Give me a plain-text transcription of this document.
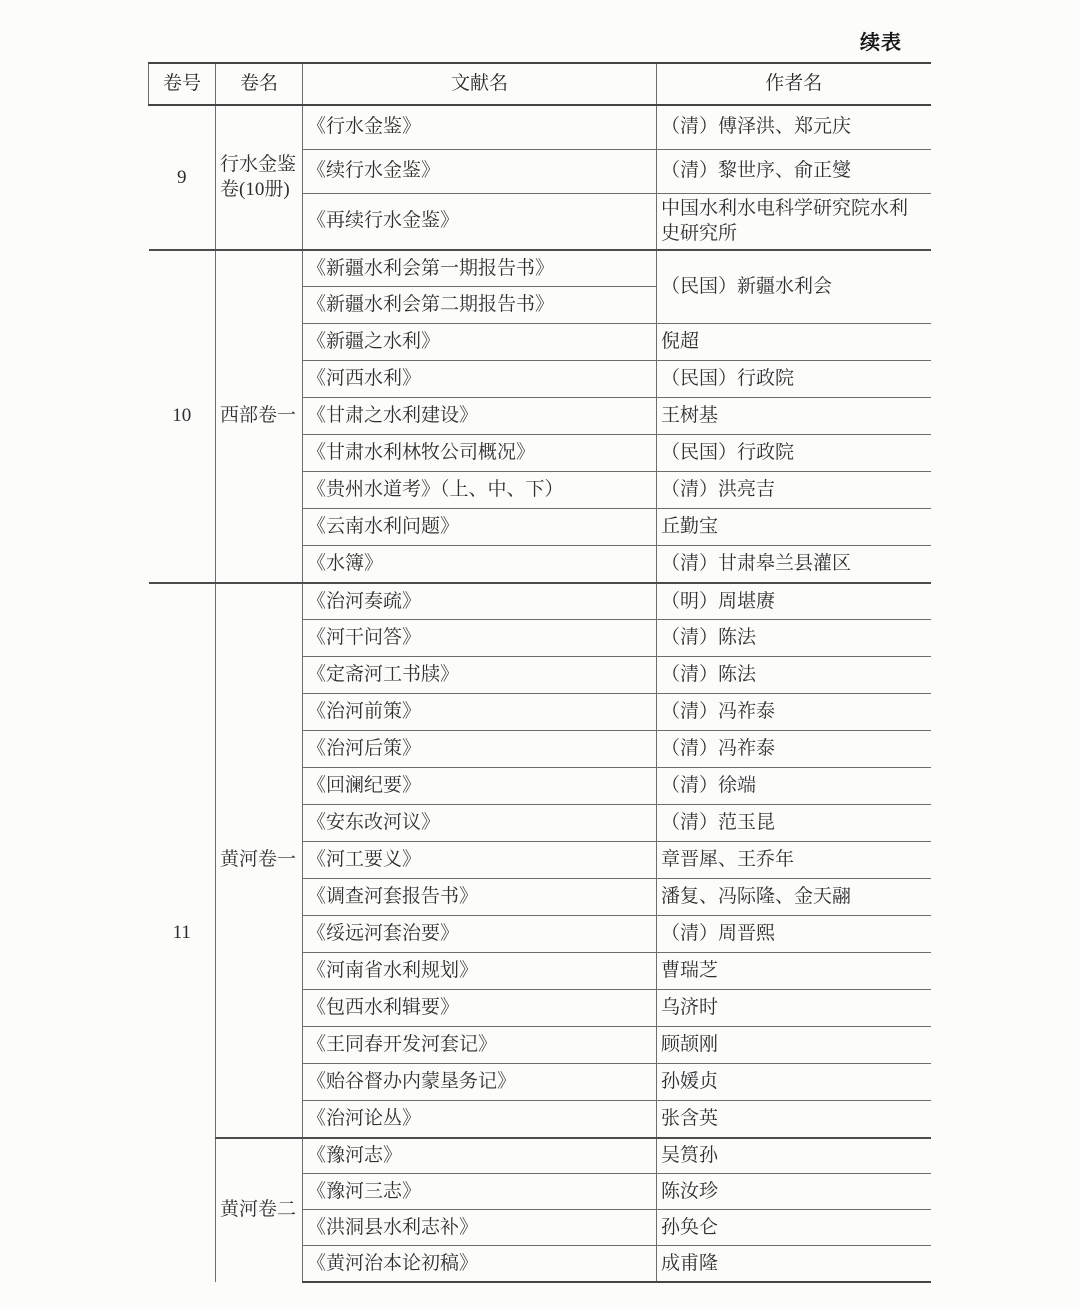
续表
卷号	卷名	文献名	作者名
9	行水金鉴卷(10册)	《行水金鉴》	（清）傅泽洪、郑元庆
		《续行水金鉴》	（清）黎世序、俞正燮
		《再续行水金鉴》	中国水利水电科学研究院水利史研究所
10	西部卷一	《新疆水利会第一期报告书》	（民国）新疆水利会
		《新疆水利会第二期报告书》	
		《新疆之水利》	倪超
		《河西水利》	（民国）行政院
		《甘肃之水利建设》	王树基
		《甘肃水利林牧公司概况》	（民国）行政院
		《贵州水道考》（上、中、下）	（清）洪亮吉
		《云南水利问题》	丘勤宝
		《水簿》	（清）甘肃皋兰县灌区
11	黄河卷一	《治河奏疏》	（明）周堪赓
		《河干问答》	（清）陈法
		《定斋河工书牍》	（清）陈法
		《治河前策》	（清）冯祚泰
		《治河后策》	（清）冯祚泰
		《回澜纪要》	（清）徐端
		《安东改河议》	（清）范玉昆
		《河工要义》	章晋犀、王乔年
		《调查河套报告书》	潘复、冯际隆、金天翮
		《绥远河套治要》	（清）周晋熙
		《河南省水利规划》	曹瑞芝
		《包西水利辑要》	乌济时
		《王同春开发河套记》	顾颉刚
		《贻谷督办内蒙垦务记》	孙媛贞
		《治河论丛》	张含英
	黄河卷二	《豫河志》	吴筼孙
		《豫河三志》	陈汝珍
		《洪洞县水利志补》	孙奂仑
		《黄河治本论初稿》	成甫隆
